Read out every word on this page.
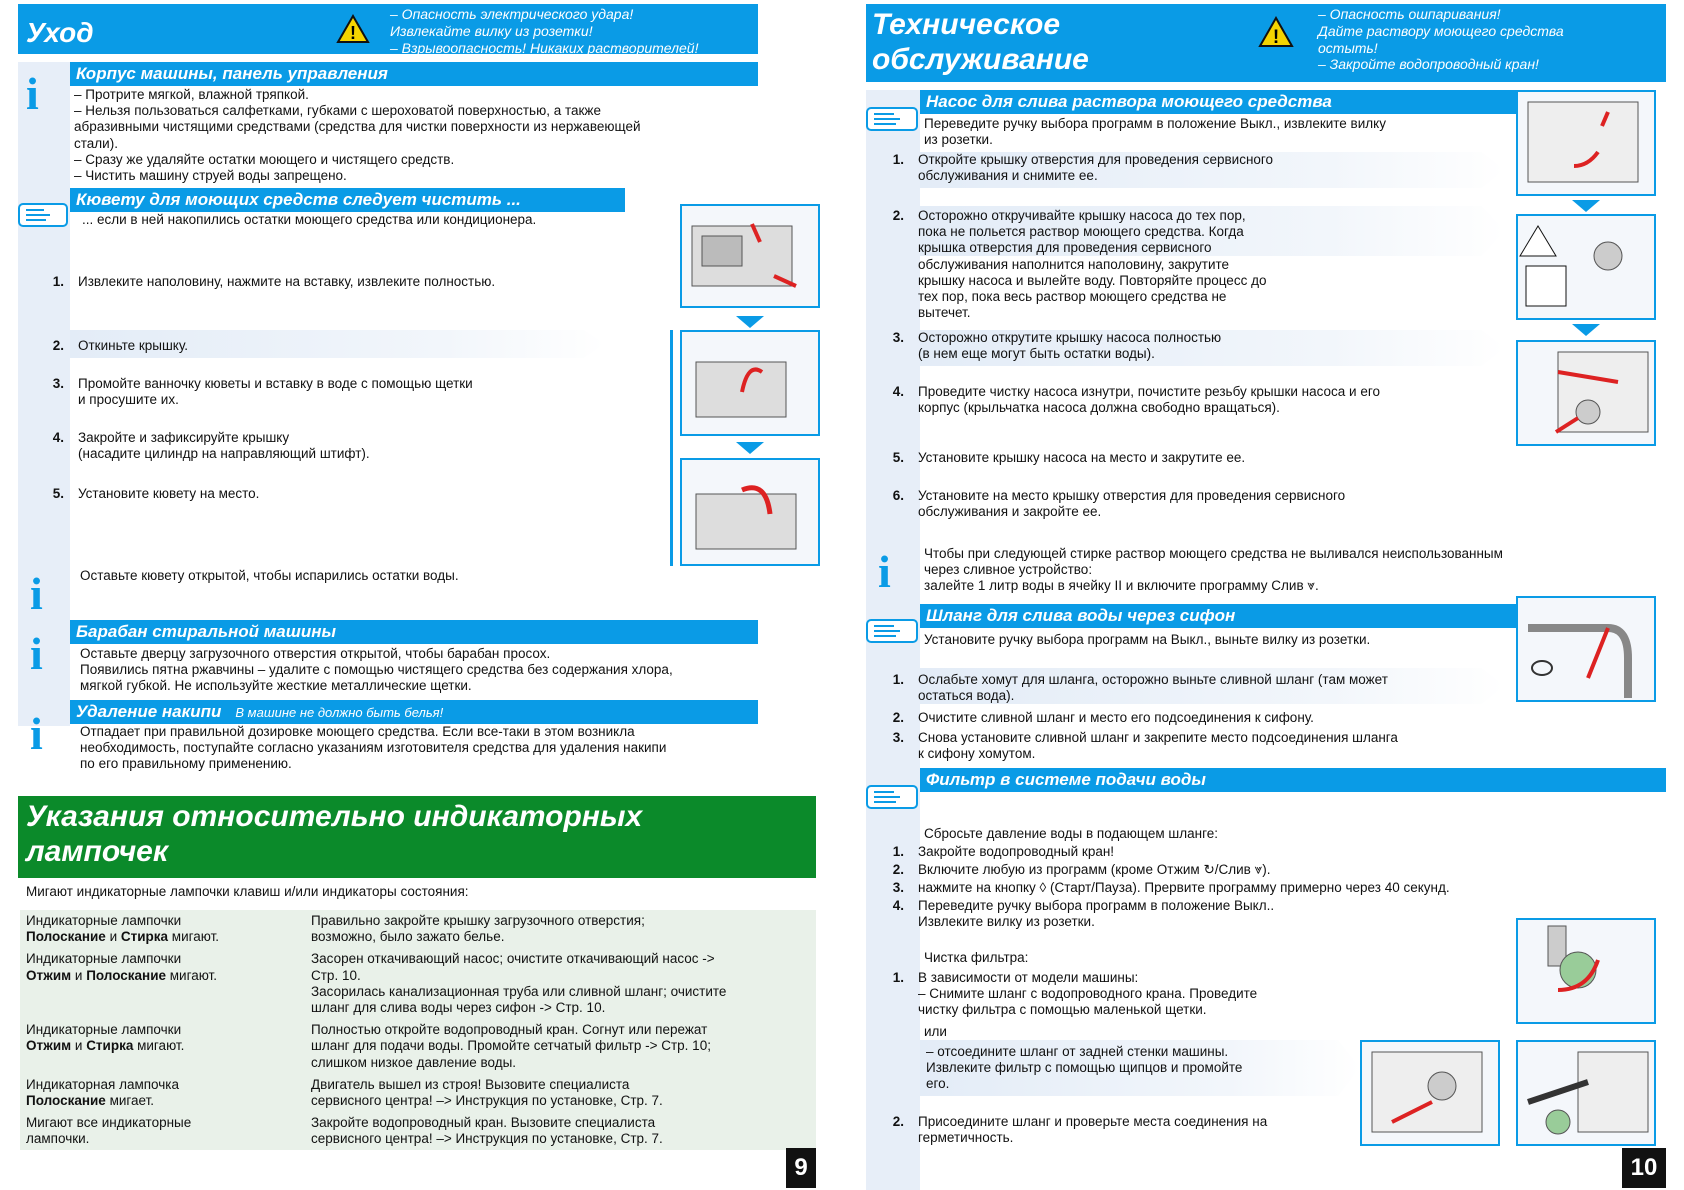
Уход	!
– Опасность электрического удара!
Извлекайте вилку из розетки!
– Взрывоопасность! Никаких растворителей!
Корпус машины, панель управления
i	– Протрите мягкой, влажной тряпкой.
– Нельзя пользоваться салфетками, губками с шероховатой поверхностью, а также
абразивными чистящими средствами (средства для чистки поверхности из нержавеющей
стали).
– Сразу же удаляйте остатки моющего и чистящего средств.
– Чистить машину струей воды запрещено.
Кювету для моющих средств следует чистить ...
... если в ней накопились остатки моющего средства или кондиционера.
1. Извлеките наполовину, нажмите на вставку, извлеките полностью.
2. Откиньте крышку.
3. Промойте ванночку кюветы и вставку в воде с помощью щетки
и просушите их.
4. Закройте и зафиксируйте крышку
(насадите цилиндр на направляющий штифт).
5. Установите кювету на место.
i	Оставьте кювету открытой, чтобы испарились остатки воды.
Барабан стиральной машины
i	Оставьте дверцу загрузочного отверстия открытой, чтобы барабан просох.
Появились пятна ржавчины – удалите с помощью чистящего средства без содержания хлора,
мягкой губкой. Не используйте жесткие металлические щетки.
Удаление накипи В машине не должно быть белья!
i	Отпадает при правильной дозировке моющего средства. Если все-таки в этом возникла
необходимость, поступайте согласно указаниям изготовителя средства для удаления накипи
по его правильному применению.
Указания относительно индикаторных
лампочек
Мигают индикаторные лампочки клавиш и/или индикаторы состояния:
Индикаторные лампочки
Полоскание и Стирка мигают.	Правильно закройте крышку загрузочного отверстия;
возможно, было зажато белье.

Индикаторные лампочки
Отжим и Полоскание мигают.	Засорен откачивающий насос; очистите откачивающий насос ->
Стр. 10.
Засорилась канализационная труба или сливной шланг; очистите
шланг для слива воды через сифон -> Стр. 10.

Индикаторные лампочки
Отжим и Стирка мигают.	Полностью откройте водопроводный кран. Согнут или пережат
шланг для подачи воды. Промойте сетчатый фильтр -> Стр. 10;
слишком низкое давление воды.

Индикаторная лампочка
Полоскание мигает.	Двигатель вышел из строя! Вызовите специалиста
сервисного центра! –> Инструкция по установке, Стр. 7.

Мигают все индикаторные
лампочки.	Закройте водопроводный кран. Вызовите специалиста
сервисного центра! –> Инструкция по установке, Стр. 7.
9
Техническое
обслуживание
!
– Опасность ошпаривания!
Дайте раствору моющего средства
остыть!
– Закройте водопроводный кран!
Насос для слива раствора моющего средства
Переведите ручку выбора программ в положение Выкл., извлеките вилку
из розетки.
1. Откройте крышку отверстия для проведения сервисного
обслуживания и снимите ее.
2. Осторожно откручивайте крышку насоса до тех пор,
пока не польется раствор моющего средства. Когда
крышка отверстия для проведения сервисного
обслуживания наполнится наполовину, закрутите
крышку насоса и вылейте воду. Повторяйте процесс до
тех пор, пока весь раствор моющего средства не
вытечет.
3. Осторожно открутите крышку насоса полностью
(в нем еще могут быть остатки воды).
4. Проведите чистку насоса изнутри, почистите резьбу крышки насоса и его
корпус (крыльчатка насоса должна свободно вращаться).
5. Установите крышку насоса на место и закрутите ее.
6. Установите на место крышку отверстия для проведения сервисного
обслуживания и закройте ее.
i Чтобы при следующей стирке раствор моющего средства не выливался неиспользованным
через сливное устройство:
залейте 1 литр воды в ячейку II и включите программу Слив ⩔.
Шланг для слива воды через сифон
Установите ручку выбора программ на Выкл., выньте вилку из розетки.
1. Ослабьте хомут для шланга, осторожно выньте сливной шланг (там может
остаться вода).
2. Очистите сливной шланг и место его подсоединения к сифону.
3. Снова установите сливной шланг и закрепите место подсоединения шланга
к сифону хомутом.
Фильтр в системе подачи воды
Сбросьте давление воды в подающем шланге:
1. Закройте водопроводный кран!
2. Включите любую из программ (кроме Отжим ↻/Слив ⩔).
3. нажмите на кнопку ◊ (Старт/Пауза). Прервите программу примерно через 40 секунд.
4. Переведите ручку выбора программ в положение Выкл..
Извлеките вилку из розетки.
Чистка фильтра:
1. В зависимости от модели машины:
– Снимите шланг с водопроводного крана. Проведите
чистку фильтра с помощью маленькой щетки.
или
– отсоедините шланг от задней стенки машины.
Извлеките фильтр с помощью щипцов и промойте
его.
2. Присоедините шланг и проверьте места соединения на
герметичность.
10
